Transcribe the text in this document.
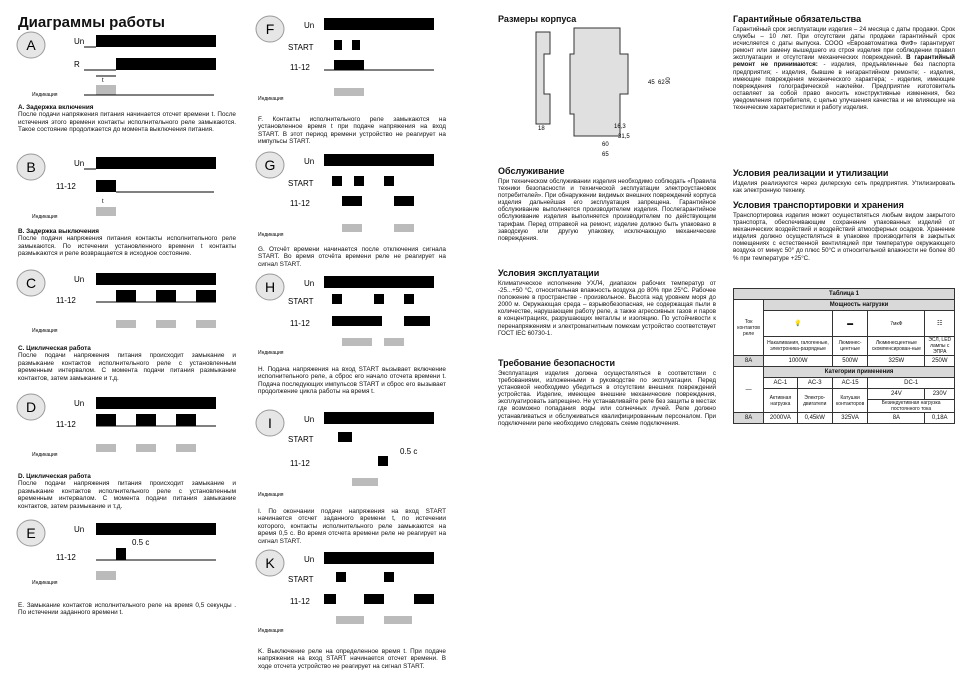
Диаграммы работы
A	Un
R
t
Индикация
А. Задержка включения
После подачи напряжения питания начинается отсчет времени t. После истечения этого времени контакты исполнительного реле замыкаются. Такое состояние продолжается до момента выключения питания.
B	Un
11-12
t
Индикация
В. Задержка выключения
После подачи напряжения питания контакты исполнительного реле замыкаются. По истечении установленного времени t контакты размыкаются и реле возвращается в исходное состояние.
C	Un
11-12
Индикация
С. Циклическая работа
После подачи напряжения питания происходит замыкание и размыкание контактов исполнительного реле с установленным временным интервалом. С момента подачи питания размыкание контактов, затем замыкание и т.д.
D	Un
11-12
Индикация
D. Циклическая работа
После подачи напряжения питания происходит замыкание и размыкание контактов исполнительного реле с установленным временным интервалом. С момента подачи питания замыкание контактов, затем размыкание и т.д.
E	Un
0.5 с
11-12
Индикация
Е. Замыкание контактов исполнительного реле на время 0,5 секунды . По истечении заданного времени t.
F	Un
START
11-12
Индикация
F. Контакты исполнительного реле замыкаются на установленное время t при подаче напряжения на вход START. В этот период времени устройство не реагирует на импульсы START.
G	Un
START
11-12
Индикация
G. Отсчёт времени начинается после отключения сигнала START. Во время отсчёта времени реле не реагирует на сигнал START.
H	Un
START
11-12
Индикация
H. Подача напряжения на вход START вызывает включение исполнительного реле, а сброс его начало отсчета времени t. Подача последующих импульсов START и сброс его вызывает продолжение цикла работы на время t.
I	Un
START
0.5 с
11-12
Индикация
I. По окончании подачи напряжения на вход START начинается отсчет заданного времени t, по истечении которого, контакты исполнительного реле замыкаются на время 0,5 с. Во время отсчета времени реле не реагирует на сигнал START.
K	Un
START
11-12
Индикация
K. Выключение реле на определенное время t. При подаче напряжения на вход START начинается отсчет времени. В ходе отсчета устройство не реагирует на сигнал START.
Размеры корпуса
18
90
45 62
16,3
31,5
60
65
Обслуживание
При техническом обслуживании изделия необходимо соблюдать «Правила техники безопасности и технической эксплуатации электроустановок потребителей». При обнаружении видимых внешних повреждений корпуса изделия дальнейшая его эксплуатация запрещена. Гарантийное обслуживание выполняется производителем изделия. Послегарантийное обслуживание изделия выполняется производителем по действующим тарифам. Перед отправкой на ремонт, изделие должно быть упаковано в заводскую или другую упаковку, исключающую механические повреждения.
Условия эксплуатации
Климатическое исполнение УХЛ4, диапазон рабочих температур от -25...+50 °С, относительная влажность воздуха до 80% при 25°С. Рабочее положение в пространстве - произвольное. Высота над уровнем моря до 2000 м. Окружающая среда – взрывобезопасная, не содержащая пыли в количестве, нарушающем работу реле, а также агрессивных газов и паров в концентрациях, разрушающих металлы и изоляцию. По устойчивости к перенапряжениям и электромагнитным помехам устройство соответствует ГОСТ IEC 60730-1.
Требование безопасности
Эксплуатация изделия должна осуществляться в соответствии с требованиями, изложенными в руководстве по эксплуатации. Перед установкой необходимо убедиться в отсутствии внешних повреждений устройства. Изделие, имеющее внешние механические повреждения, эксплуатировать запрещено. Не устанавливайте реле без защиты в местах где возможно попадания воды или солнечных лучей. Реле должно устанавливаться и обслуживаться квалифицированным персоналом. При подключении реле необходимо следовать схеме подключения.
Гарантийные обязательства
Гарантийный срок эксплуатации изделия – 24 месяца с даты продажи. Срок службы – 10 лет. При отсутствии даты продажи гарантийный срок исчисляется с даты выпуска. СООО «Евроавтоматика ФиФ» гарантирует ремонт или замену вышедшего из строя изделия при соблюдении правил эксплуатации и отсутствии механических повреждений. В гарантийный ремонт не принимаются: - изделия, предъявленные без паспорта предприятия; - изделия, бывшие в негарантийном ремонте; - изделия, имеющие повреждения механического характера; - изделия, имеющие повреждения голографической наклейки. Предприятие изготовитель оставляет за собой право вносить конструктивные изменения, без уведомления потребителя, с целью улучшения качества и не влияющие на технические характеристики и работу изделия.
Условия реализации и утилизации
Изделия реализуются через дилерскую сеть предприятия. Утилизировать как электронную технику.
Условия транспортировки и хранения
Транспортировка изделия может осуществляться любым видом закрытого транспорта, обеспечивающим сохранение упакованных изделий от механических воздействий и воздействий атмосферных осадков. Хранение изделия должно осуществляться в упаковке производителя в закрытых помещениях с естественной вентиляцией при температуре окружающего воздуха от минус 50° до плюс 50°С и относительной влажности не более 80 % при температуре +25°С.
Таблица 1					
Ток контактов реле	Мощность нагрузки				
	💡		▬	7мкФ	☷
	Накаливания, галогенные, электроника-разрядные		Люминес-центные	Люминесцентные скомпенсирован-ные	ЭСЛ, LED лампы с ЭПРА
8A	1000W		500W	325W	250W
―	Категории применения				
	AC-1	AC-3	AC-15	DC-1	
	Активная нагрузка	Электро-двигатели	Катушки контакторов	24V	230V
				Безиндуктивная нагрузка постоянного тока	
8A	2000VA	0,45kW	325VA	8A	0,18A
